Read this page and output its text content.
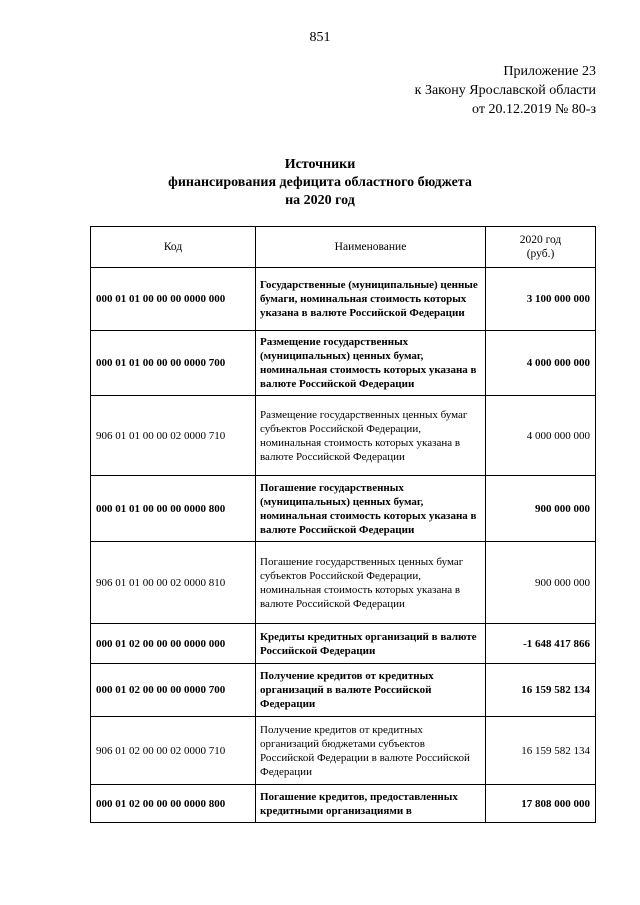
851
Приложение 23
к Закону Ярославской области
от 20.12.2019 № 80-з
Источники
финансирования дефицита областного бюджета
на 2020 год
Код	Наименование	2020 год
(руб.)

000 01 01 00 00 00 0000 000	Государственные (муниципальные) ценные бумаги, номинальная стоимость которых указана в валюте Российской Федерации	3 100 000 000
000 01 01 00 00 00 0000 700	Размещение государственных (муниципальных) ценных бумаг, номинальная стоимость которых указана в валюте Российской Федерации	4 000 000 000
906 01 01 00 00 02 0000 710	Размещение государственных ценных бумаг субъектов Российской Федерации, номинальная стоимость которых указана в валюте Российской Федерации	4 000 000 000
000 01 01 00 00 00 0000 800	Погашение государственных (муниципальных) ценных бумаг, номинальная стоимость которых указана в валюте Российской Федерации	900 000 000
906 01 01 00 00 02 0000 810	Погашение государственных ценных бумаг субъектов Российской Федерации, номинальная стоимость которых указана в валюте Российской Федерации	900 000 000
000 01 02 00 00 00 0000 000	Кредиты кредитных организаций в валюте Российской Федерации	-1 648 417 866
000 01 02 00 00 00 0000 700	Получение кредитов от кредитных организаций в валюте Российской Федерации	16 159 582 134
906 01 02 00 00 02 0000 710	Получение кредитов от кредитных организаций бюджетами субъектов Российской Федерации в валюте Российской Федерации	16 159 582 134
000 01 02 00 00 00 0000 800	Погашение кредитов, предоставленных кредитными организациями в	17 808 000 000
